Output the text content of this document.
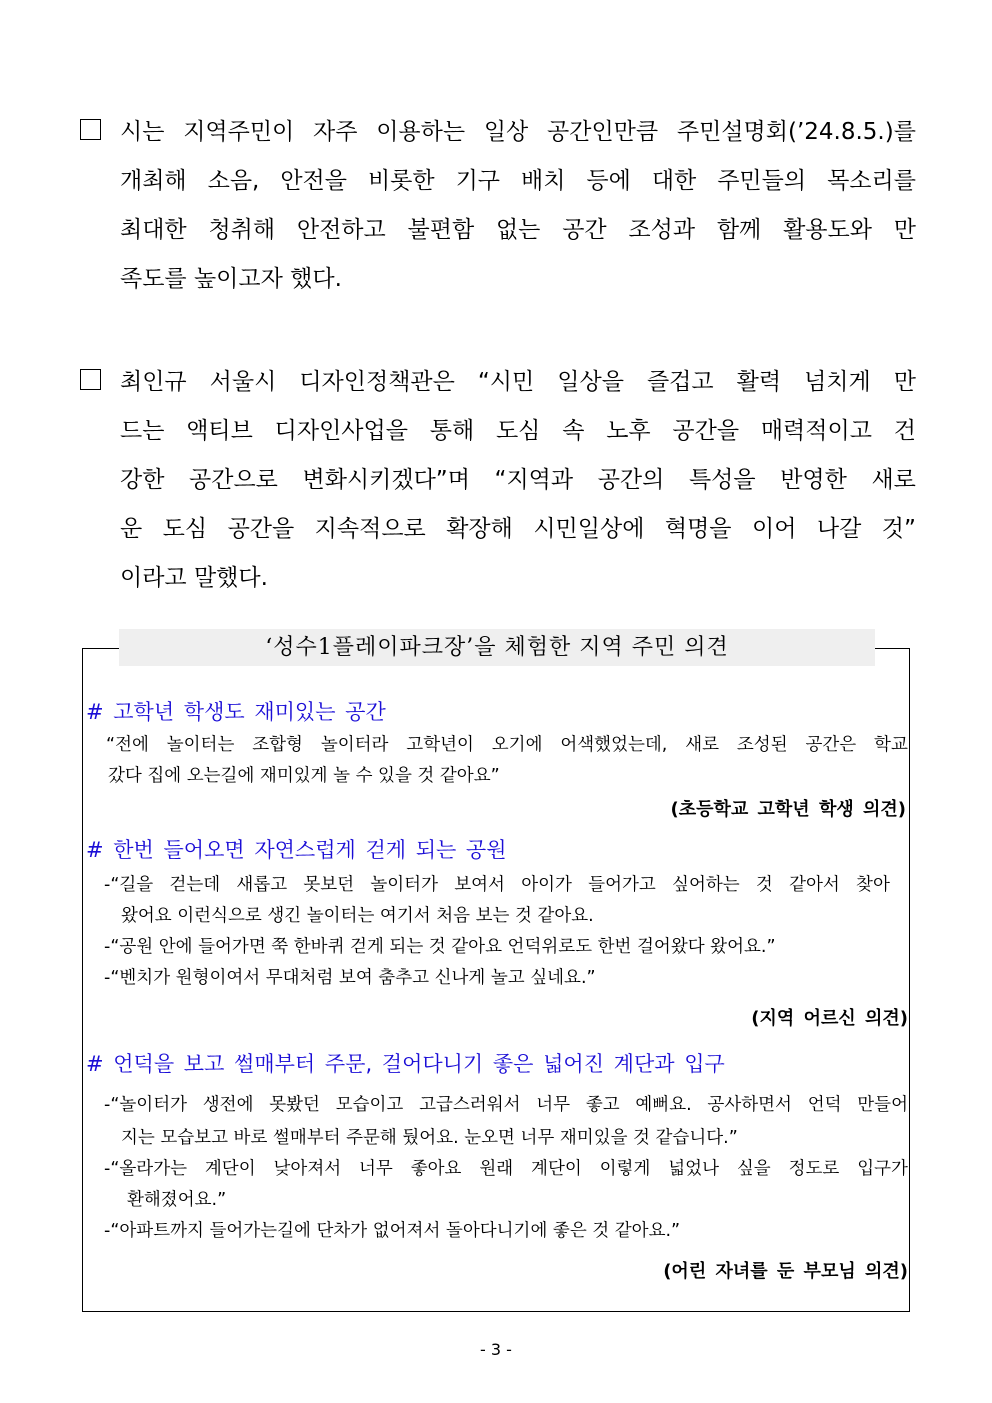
시는 지역주민이 자주 이용하는 일상 공간인만큼 주민설명회(’24.8.5.)를
개최해 소음, 안전을 비롯한 기구 배치 등에 대한 주민들의 목소리를
최대한 청취해 안전하고 불편함 없는 공간 조성과 함께 활용도와 만
족도를 높이고자 했다.
최인규 서울시 디자인정책관은 “시민 일상을 즐겁고 활력 넘치게 만
드는 액티브 디자인사업을 통해 도심 속 노후 공간을 매력적이고 건
강한 공간으로 변화시키겠다”며 “지역과 공간의 특성을 반영한 새로
운 도심 공간을 지속적으로 확장해 시민일상에 혁명을 이어 나갈 것”
이라고 말했다.
‘성수1플레이파크장’을 체험한 지역 주민 의견
# 고학년 학생도 재미있는 공간
“전에 놀이터는 조합형 놀이터라 고학년이 오기에 어색했었는데, 새로 조성된 공간은 학교
갔다 집에 오는길에 재미있게 놀 수 있을 것 같아요”
(초등학교 고학년 학생 의견)
# 한번 들어오면 자연스럽게 걷게 되는 공원
-“길을 걷는데 새롭고 못보던 놀이터가 보여서 아이가 들어가고 싶어하는 것 같아서 찾아
왔어요 이런식으로 생긴 놀이터는 여기서 처음 보는 것 같아요.
-“공원 안에 들어가면 쭉 한바퀴 걷게 되는 것 같아요 언덕위로도 한번 걸어왔다 왔어요.”
-“벤치가 원형이여서 무대처럼 보여 춤추고 신나게 놀고 싶네요.”
(지역 어르신 의견)
# 언덕을 보고 썰매부터 주문, 걸어다니기 좋은 넓어진 계단과 입구
-“놀이터가 생전에 못봤던 모습이고 고급스러워서 너무 좋고 예뻐요. 공사하면서 언덕 만들어
지는 모습보고 바로 썰매부터 주문해 뒀어요. 눈오면 너무 재미있을 것 같습니다.”
-“올라가는 계단이 낮아져서 너무 좋아요 원래 계단이 이렇게 넓었나 싶을 정도로 입구가
환해졌어요.”
-“아파트까지 들어가는길에 단차가 없어져서 돌아다니기에 좋은 것 같아요.”
(어린 자녀를 둔 부모님 의견)
- 3 -
